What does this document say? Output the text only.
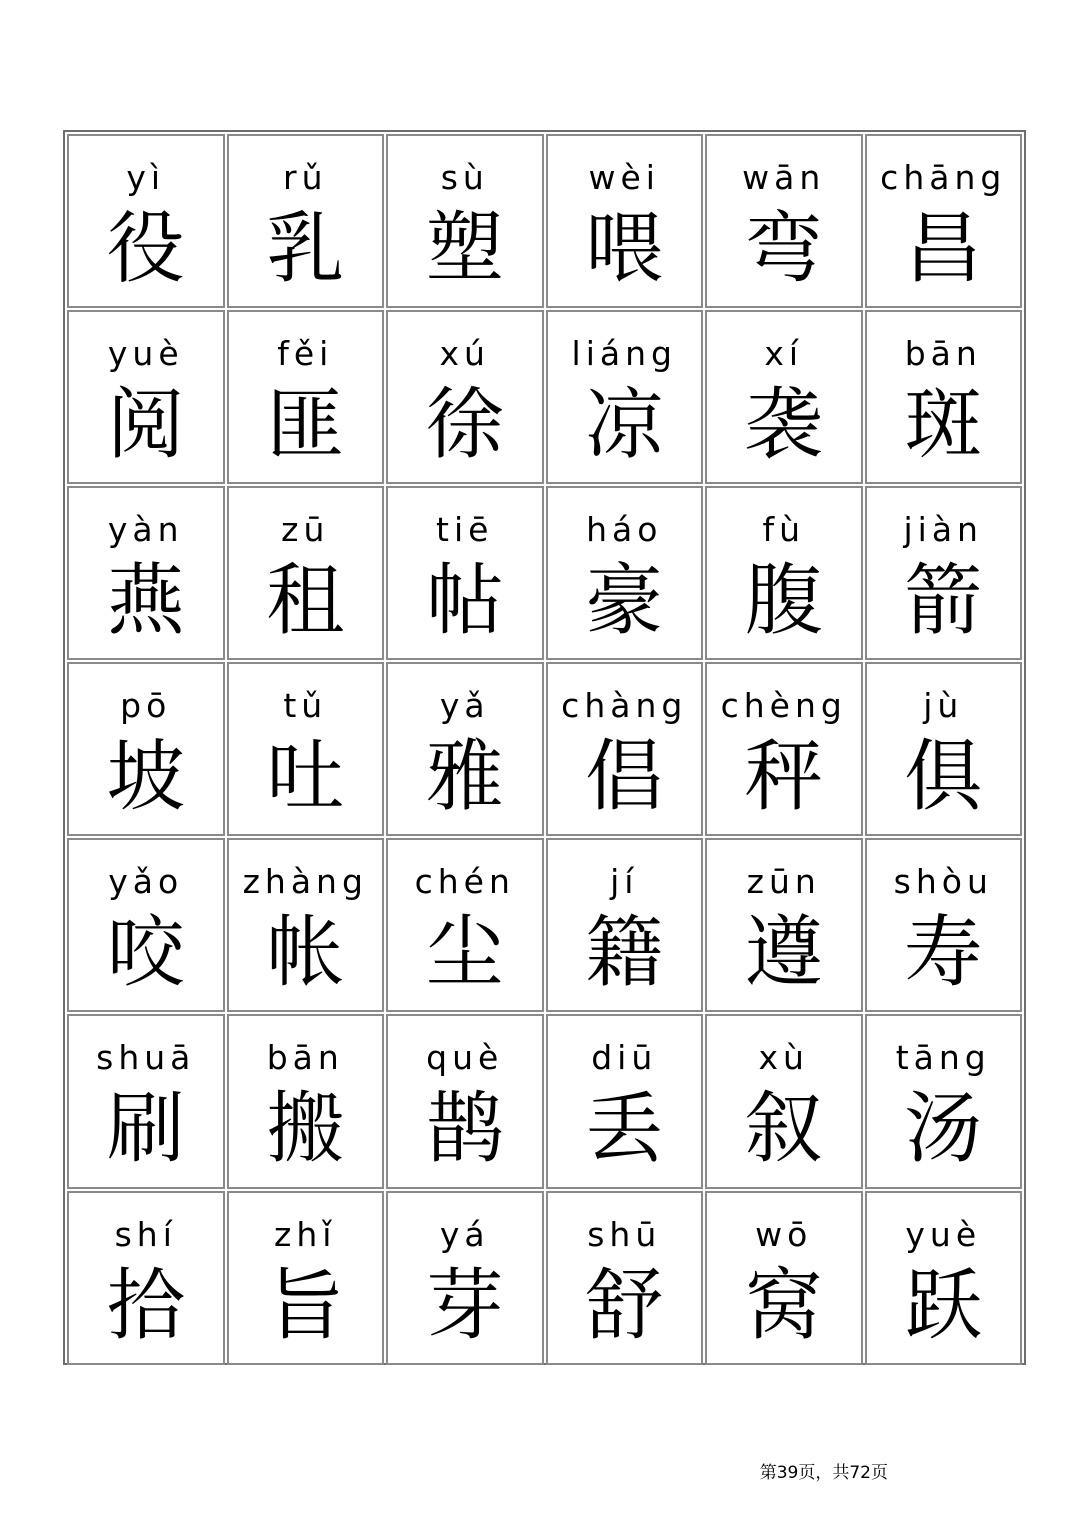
yì
役
rǔ
乳
sù
塑
wèi
喂
wān
弯
chāng
昌
yuè
阅
fěi
匪
xú
徐
liáng
凉
xí
袭
bān
斑
yàn
燕
zū
租
tiē
帖
háo
豪
fù
腹
jiàn
箭
pō
坡
tǔ
吐
yǎ
雅
chàng
倡
chèng
秤
jù
俱
yǎo
咬
zhàng
帐
chén
尘
jí
籍
zūn
遵
shòu
寿
shuā
刷
bān
搬
què
鹊
diū
丢
xù
叙
tāng
汤
shí
拾
zhǐ
旨
yá
芽
shū
舒
wō
窝
yuè
跃
第39页，共72页
